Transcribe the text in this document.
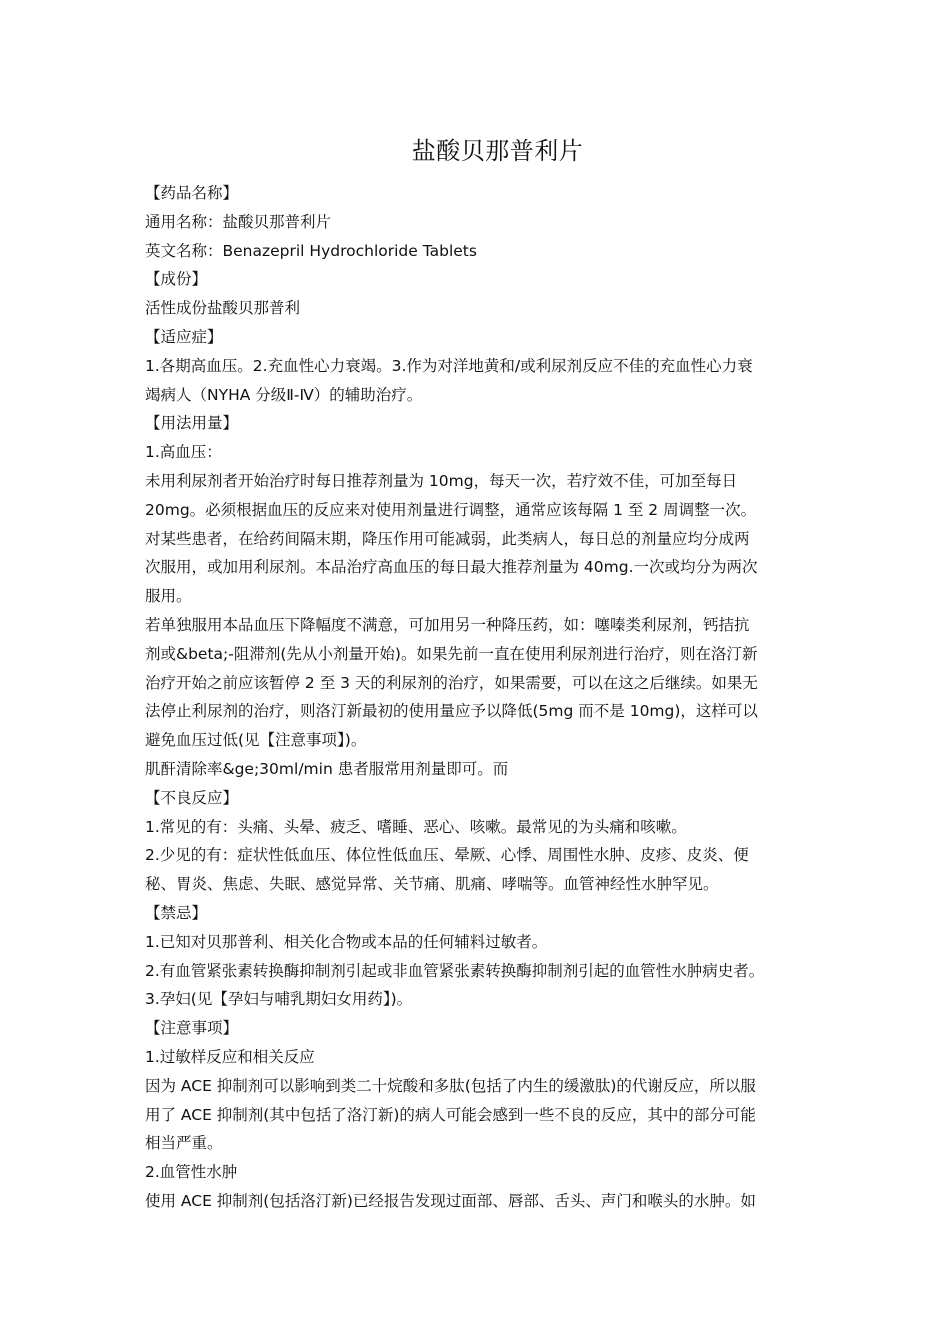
盐酸贝那普利片
【药品名称】
通用名称：盐酸贝那普利片
英文名称：Benazepril Hydrochloride Tablets
【成份】
活性成份盐酸贝那普利
【适应症】
1.各期高血压。2.充血性心力衰竭。3.作为对洋地黄和/或利尿剂反应不佳的充血性心力衰
竭病人（NYHA 分级Ⅱ-Ⅳ）的辅助治疗。
【用法用量】
1.高血压：
未用利尿剂者开始治疗时每日推荐剂量为 10mg，每天一次，若疗效不佳，可加至每日
20mg。必须根据血压的反应来对使用剂量进行调整，通常应该每隔 1 至 2 周调整一次。
对某些患者，在给药间隔末期，降压作用可能减弱，此类病人，每日总的剂量应均分成两
次服用，或加用利尿剂。本品治疗高血压的每日最大推荐剂量为 40mg.一次或均分为两次
服用。
若单独服用本品血压下降幅度不满意，可加用另一种降压药，如：噻嗪类利尿剂，钙拮抗
剂或&beta;-阻滞剂(先从小剂量开始)。如果先前一直在使用利尿剂进行治疗，则在洛汀新
治疗开始之前应该暂停 2 至 3 天的利尿剂的治疗，如果需要，可以在这之后继续。如果无
法停止利尿剂的治疗，则洛汀新最初的使用量应予以降低(5mg 而不是 10mg)，这样可以
避免血压过低(见【注意事项】)。
肌酐清除率&ge;30ml/min 患者服常用剂量即可。而
【不良反应】
1.常见的有：头痛、头晕、疲乏、嗜睡、恶心、咳嗽。最常见的为头痛和咳嗽。
2.少见的有：症状性低血压、体位性低血压、晕厥、心悸、周围性水肿、皮疹、皮炎、便
秘、胃炎、焦虑、失眠、感觉异常、关节痛、肌痛、哮喘等。血管神经性水肿罕见。
【禁忌】
1.已知对贝那普利、相关化合物或本品的任何辅料过敏者。
2.有血管紧张素转换酶抑制剂引起或非血管紧张素转换酶抑制剂引起的血管性水肿病史者。
3.孕妇(见【孕妇与哺乳期妇女用药】)。
【注意事项】
1.过敏样反应和相关反应
因为 ACE 抑制剂可以影响到类二十烷酸和多肽(包括了内生的缓激肽)的代谢反应，所以服
用了 ACE 抑制剂(其中包括了洛汀新)的病人可能会感到一些不良的反应，其中的部分可能
相当严重。
2.血管性水肿
使用 ACE 抑制剂(包括洛汀新)已经报告发现过面部、唇部、舌头、声门和喉头的水肿。如
